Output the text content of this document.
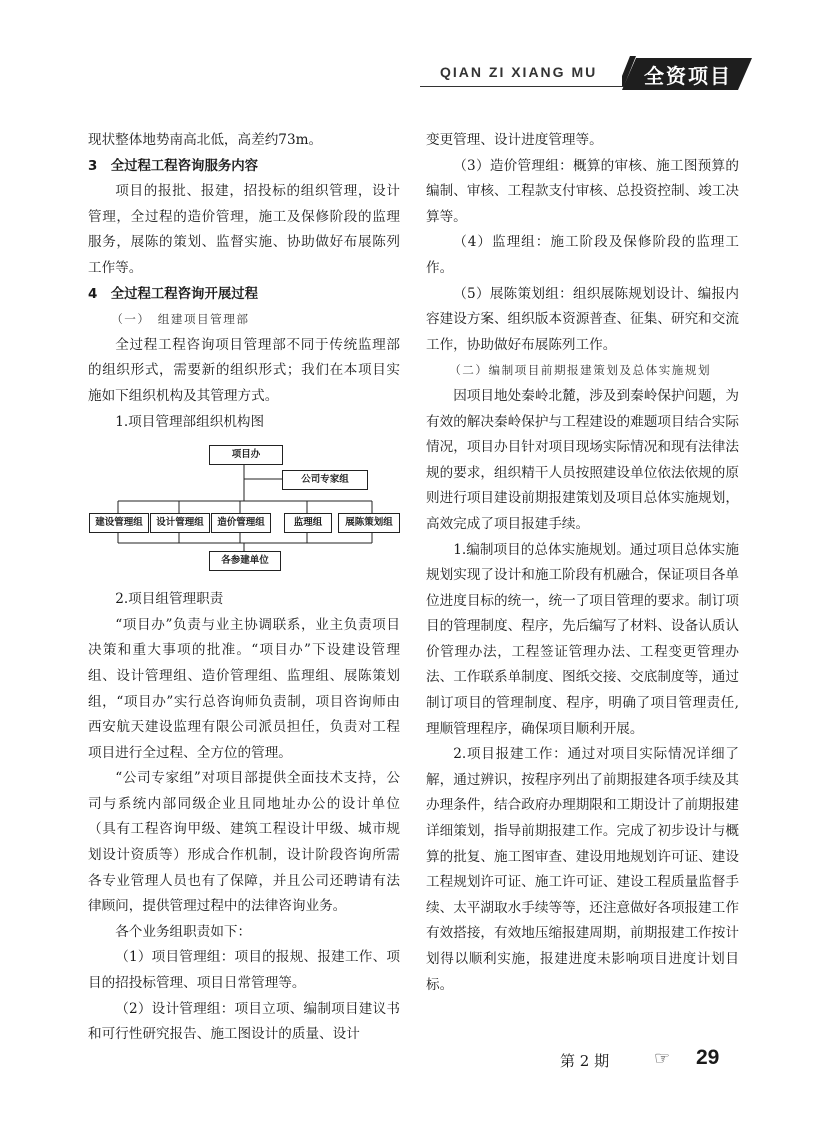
QIAN ZI XIANG MU	全资项目

现状整体地势南高北低，高差约73m。

3　全过程工程咨询服务内容

项目的报批、报建，招投标的组织管理，设计管理，全过程的造价管理，施工及保修阶段的监理服务，展陈的策划、监督实施、协助做好布展陈列工作等。

4　全过程工程咨询开展过程

（一）　组建项目管理部

全过程工程咨询项目管理部不同于传统监理部的组织形式，需要新的组织形式；我们在本项目实施如下组织机构及其管理方式。

1.项目管理部组织机构图

项目办
公司专家组
建设管理组	设计管理组	造价管理组	监理组	展陈策划组
各参建单位

2.项目组管理职责

“项目办”负责与业主协调联系，业主负责项目决策和重大事项的批准。“项目办”下设建设管理组、设计管理组、造价管理组、监理组、展陈策划组，“项目办”实行总咨询师负责制，项目咨询师由西安航天建设监理有限公司派员担任，负责对工程项目进行全过程、全方位的管理。

“公司专家组”对项目部提供全面技术支持，公司与系统内部同级企业且同地址办公的设计单位（具有工程咨询甲级、建筑工程设计甲级、城市规划设计资质等）形成合作机制，设计阶段咨询所需各专业管理人员也有了保障，并且公司还聘请有法律顾问，提供管理过程中的法律咨询业务。

各个业务组职责如下：

（1）项目管理组：项目的报规、报建工作、项目的招投标管理、项目日常管理等。

（2）设计管理组：项目立项、编制项目建议书和可行性研究报告、施工图设计的质量、设计

变更管理、设计进度管理等。

（3）造价管理组：概算的审核、施工图预算的编制、审核、工程款支付审核、总投资控制、竣工决算等。

（4）监理组：施工阶段及保修阶段的监理工作。

（5）展陈策划组：组织展陈规划设计、编报内容建设方案、组织版本资源普查、征集、研究和交流工作，协助做好布展陈列工作。

（二）编制项目前期报建策划及总体实施规划

因项目地处秦岭北麓，涉及到秦岭保护问题，为有效的解决秦岭保护与工程建设的难题项目结合实际情况，项目办目针对项目现场实际情况和现有法律法规的要求，组织精干人员按照建设单位依法依规的原则进行项目建设前期报建策划及项目总体实施规划，高效完成了项目报建手续。

1.编制项目的总体实施规划。通过项目总体实施规划实现了设计和施工阶段有机融合，保证项目各单位进度目标的统一，统一了项目管理的要求。制订项目的管理制度、程序，先后编写了材料、设备认质认价管理办法，工程签证管理办法、工程变更管理办法、工作联系单制度、图纸交接、交底制度等，通过制订项目的管理制度、程序，明确了项目管理责任,理顺管理程序，确保项目顺利开展。

2.项目报建工作：通过对项目实际情况详细了解，通过辨识，按程序列出了前期报建各项手续及其办理条件，结合政府办理期限和工期设计了前期报建详细策划，指导前期报建工作。完成了初步设计与概算的批复、施工图审查、建设用地规划许可证、建设工程规划许可证、施工许可证、建设工程质量监督手续、太平湖取水手续等等，还注意做好各项报建工作有效搭接，有效地压缩报建周期，前期报建工作按计划得以顺利实施，报建进度未影响项目进度计划目标。

第 2 期 ☞ 29
